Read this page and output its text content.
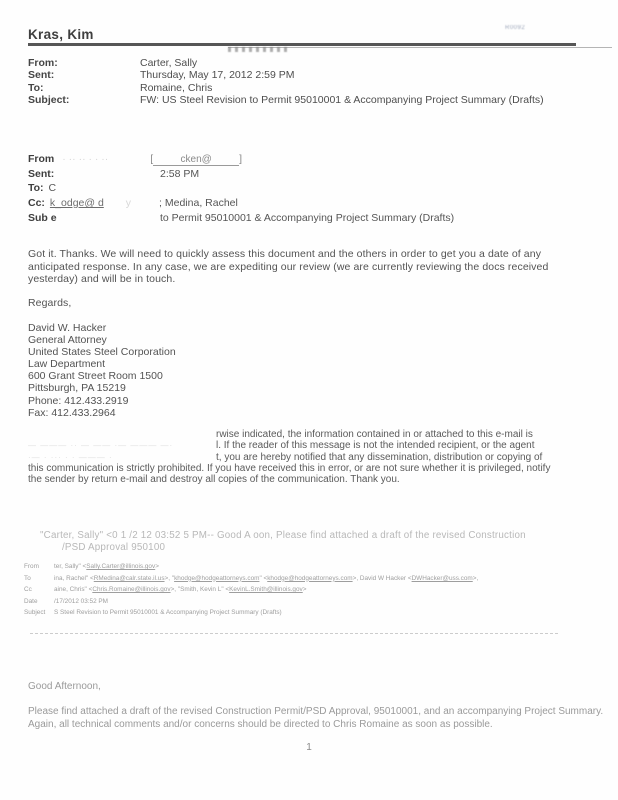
Kras, Kim	R0092
From:	Carter, Sally
Sent:	Thursday, May 17, 2012 2:59 PM
To:	Romaine, Chris
Subject:	FW: US Steel Revision to Permit 95010001 & Accompanying Project Summary (Drafts)
From · ·· ·· · · ··	[	cken@	]
Sent:	2:58 PM
To: C
Cc: k_odge@ d y	; Medina, Rachel
Sub e	to Permit 95010001 & Accompanying Project Summary (Drafts)
Got it. Thanks. We will need to quickly assess this document and the others in order to get you a date of any anticipated response. In any case, we are expediting our review (we are currently reviewing the docs received yesterday) and will be in touch.
Regards,
David W. Hacker
General Attorney
United States Steel Corporation
Law Department
600 Grant Street Room 1500
Pittsburgh, PA 15219
Phone: 412.433.2919
Fax: 412.433.2964
rwise indicated, the information contained in or attached to this e-mail is
— ——— ·· — —— ·— ——— —·	l. If the reader of this message is not the intended recipient, or the agent
·— · ··· · · ——— ·	t, you are hereby notified that any dissemination, distribution or copying of
this communication is strictly prohibited. If you have received this in error, or are not sure whether it is privileged, notify
the sender by return e-mail and destroy all copies of the communication. Thank you.
"Carter, Sally" <0 1 /2 12 03:52 5 PM-- Good A oon, Please find attached a draft of the revised Construction
/PSD Approval 950100
From	ter, Sally" <Sally.Carter@illinois.gov>
To	ina, Rachel" <RMedina@calr.state.il.us>, "khodge@hodgeattorneys.com" <khodge@hodgeattorneys.com>, David W Hacker <DWHacker@uss.com>,
Cc	aine, Chris" <Chris.Romaine@illinois.gov>, "Smith, Kevin L" <KevinL.Smith@illinois.gov>
Date	/17/2012 03:52 PM
Subject	S Steel Revision to Permit 95010001 & Accompanying Project Summary (Drafts)
Good Afternoon,
Please find attached a draft of the revised Construction Permit/PSD Approval, 95010001, and an accompanying Project Summary. Again, all technical comments and/or concerns should be directed to Chris Romaine as soon as possible.
1
